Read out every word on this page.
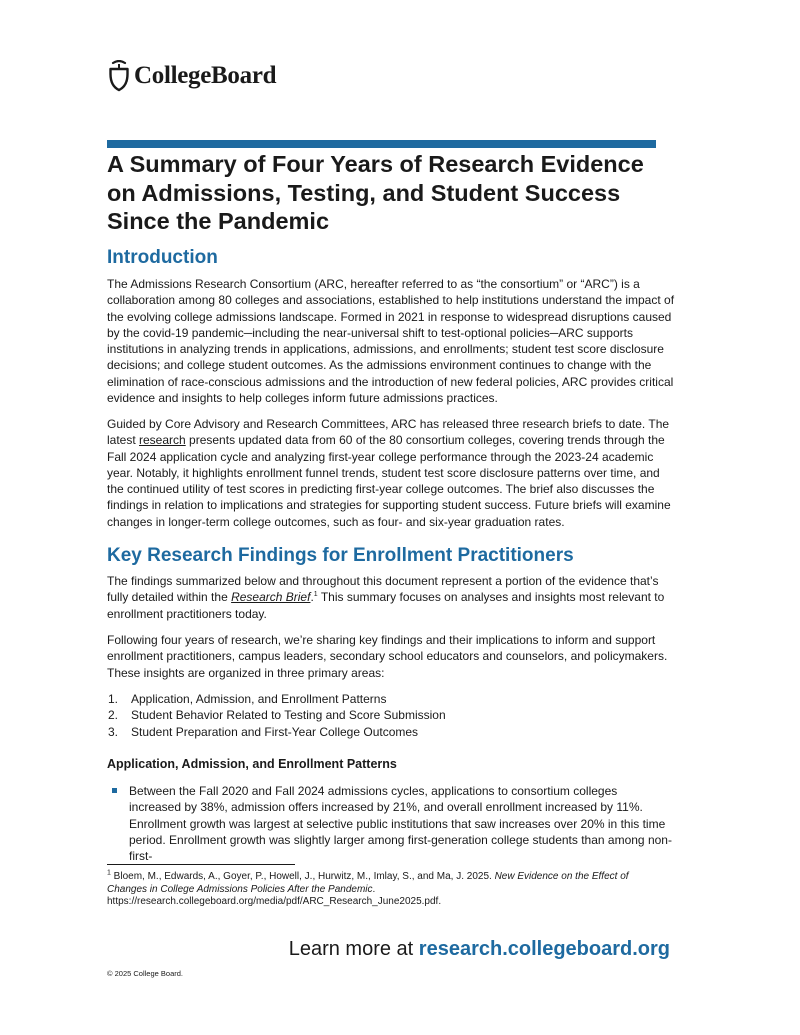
CollegeBoard
A Summary of Four Years of Research Evidence on Admissions, Testing, and Student Success Since the Pandemic
Introduction

The Admissions Research Consortium (ARC, hereafter referred to as “the consortium” or “ARC”) is a collaboration among 80 colleges and associations, established to help institutions understand the impact of the evolving college admissions landscape. Formed in 2021 in response to widespread disruptions caused by the covid-19 pandemic─including the near-universal shift to test-optional policies─ARC supports institutions in analyzing trends in applications, admissions, and enrollments; student test score disclosure decisions; and college student outcomes. As the admissions environment continues to change with the elimination of race-conscious admissions and the introduction of new federal policies, ARC provides critical evidence and insights to help colleges inform future admissions practices.

Guided by Core Advisory and Research Committees, ARC has released three research briefs to date. The latest research presents updated data from 60 of the 80 consortium colleges, covering trends through the Fall 2024 application cycle and analyzing first-year college performance through the 2023-24 academic year. Notably, it highlights enrollment funnel trends, student test score disclosure patterns over time, and the continued utility of test scores in predicting first-year college outcomes. The brief also discusses the findings in relation to implications and strategies for supporting student success. Future briefs will examine changes in longer-term college outcomes, such as four- and six-year graduation rates.

Key Research Findings for Enrollment Practitioners

The findings summarized below and throughout this document represent a portion of the evidence that’s fully detailed within the Research Brief.$^1$ This summary focuses on analyses and insights most relevant to enrollment practitioners today.

Following four years of research, we’re sharing key findings and their implications to inform and support enrollment practitioners, campus leaders, secondary school educators and counselors, and policymakers. These insights are organized in three primary areas:

1.	Application, Admission, and Enrollment Patterns
2.	Student Behavior Related to Testing and Score Submission
3.	Student Preparation and First-Year College Outcomes
Application, Admission, and Enrollment Patterns

Between the Fall 2020 and Fall 2024 admissions cycles, applications to consortium colleges increased by 38%, admission offers increased by 21%, and overall enrollment increased by 11%. Enrollment growth was largest at selective public institutions that saw increases over 20% in this time period. Enrollment growth was slightly larger among first-generation college students than among non-first-

$^1$ Bloem, M., Edwards, A., Goyer, P., Howell, J., Hurwitz, M., Imlay, S., and Ma, J. 2025. New Evidence on the Effect of Changes in College Admissions Policies After the Pandemic.
https://research.collegeboard.org/media/pdf/ARC_Research_June2025.pdf.

Learn more at research.collegeboard.org
© 2025 College Board.
